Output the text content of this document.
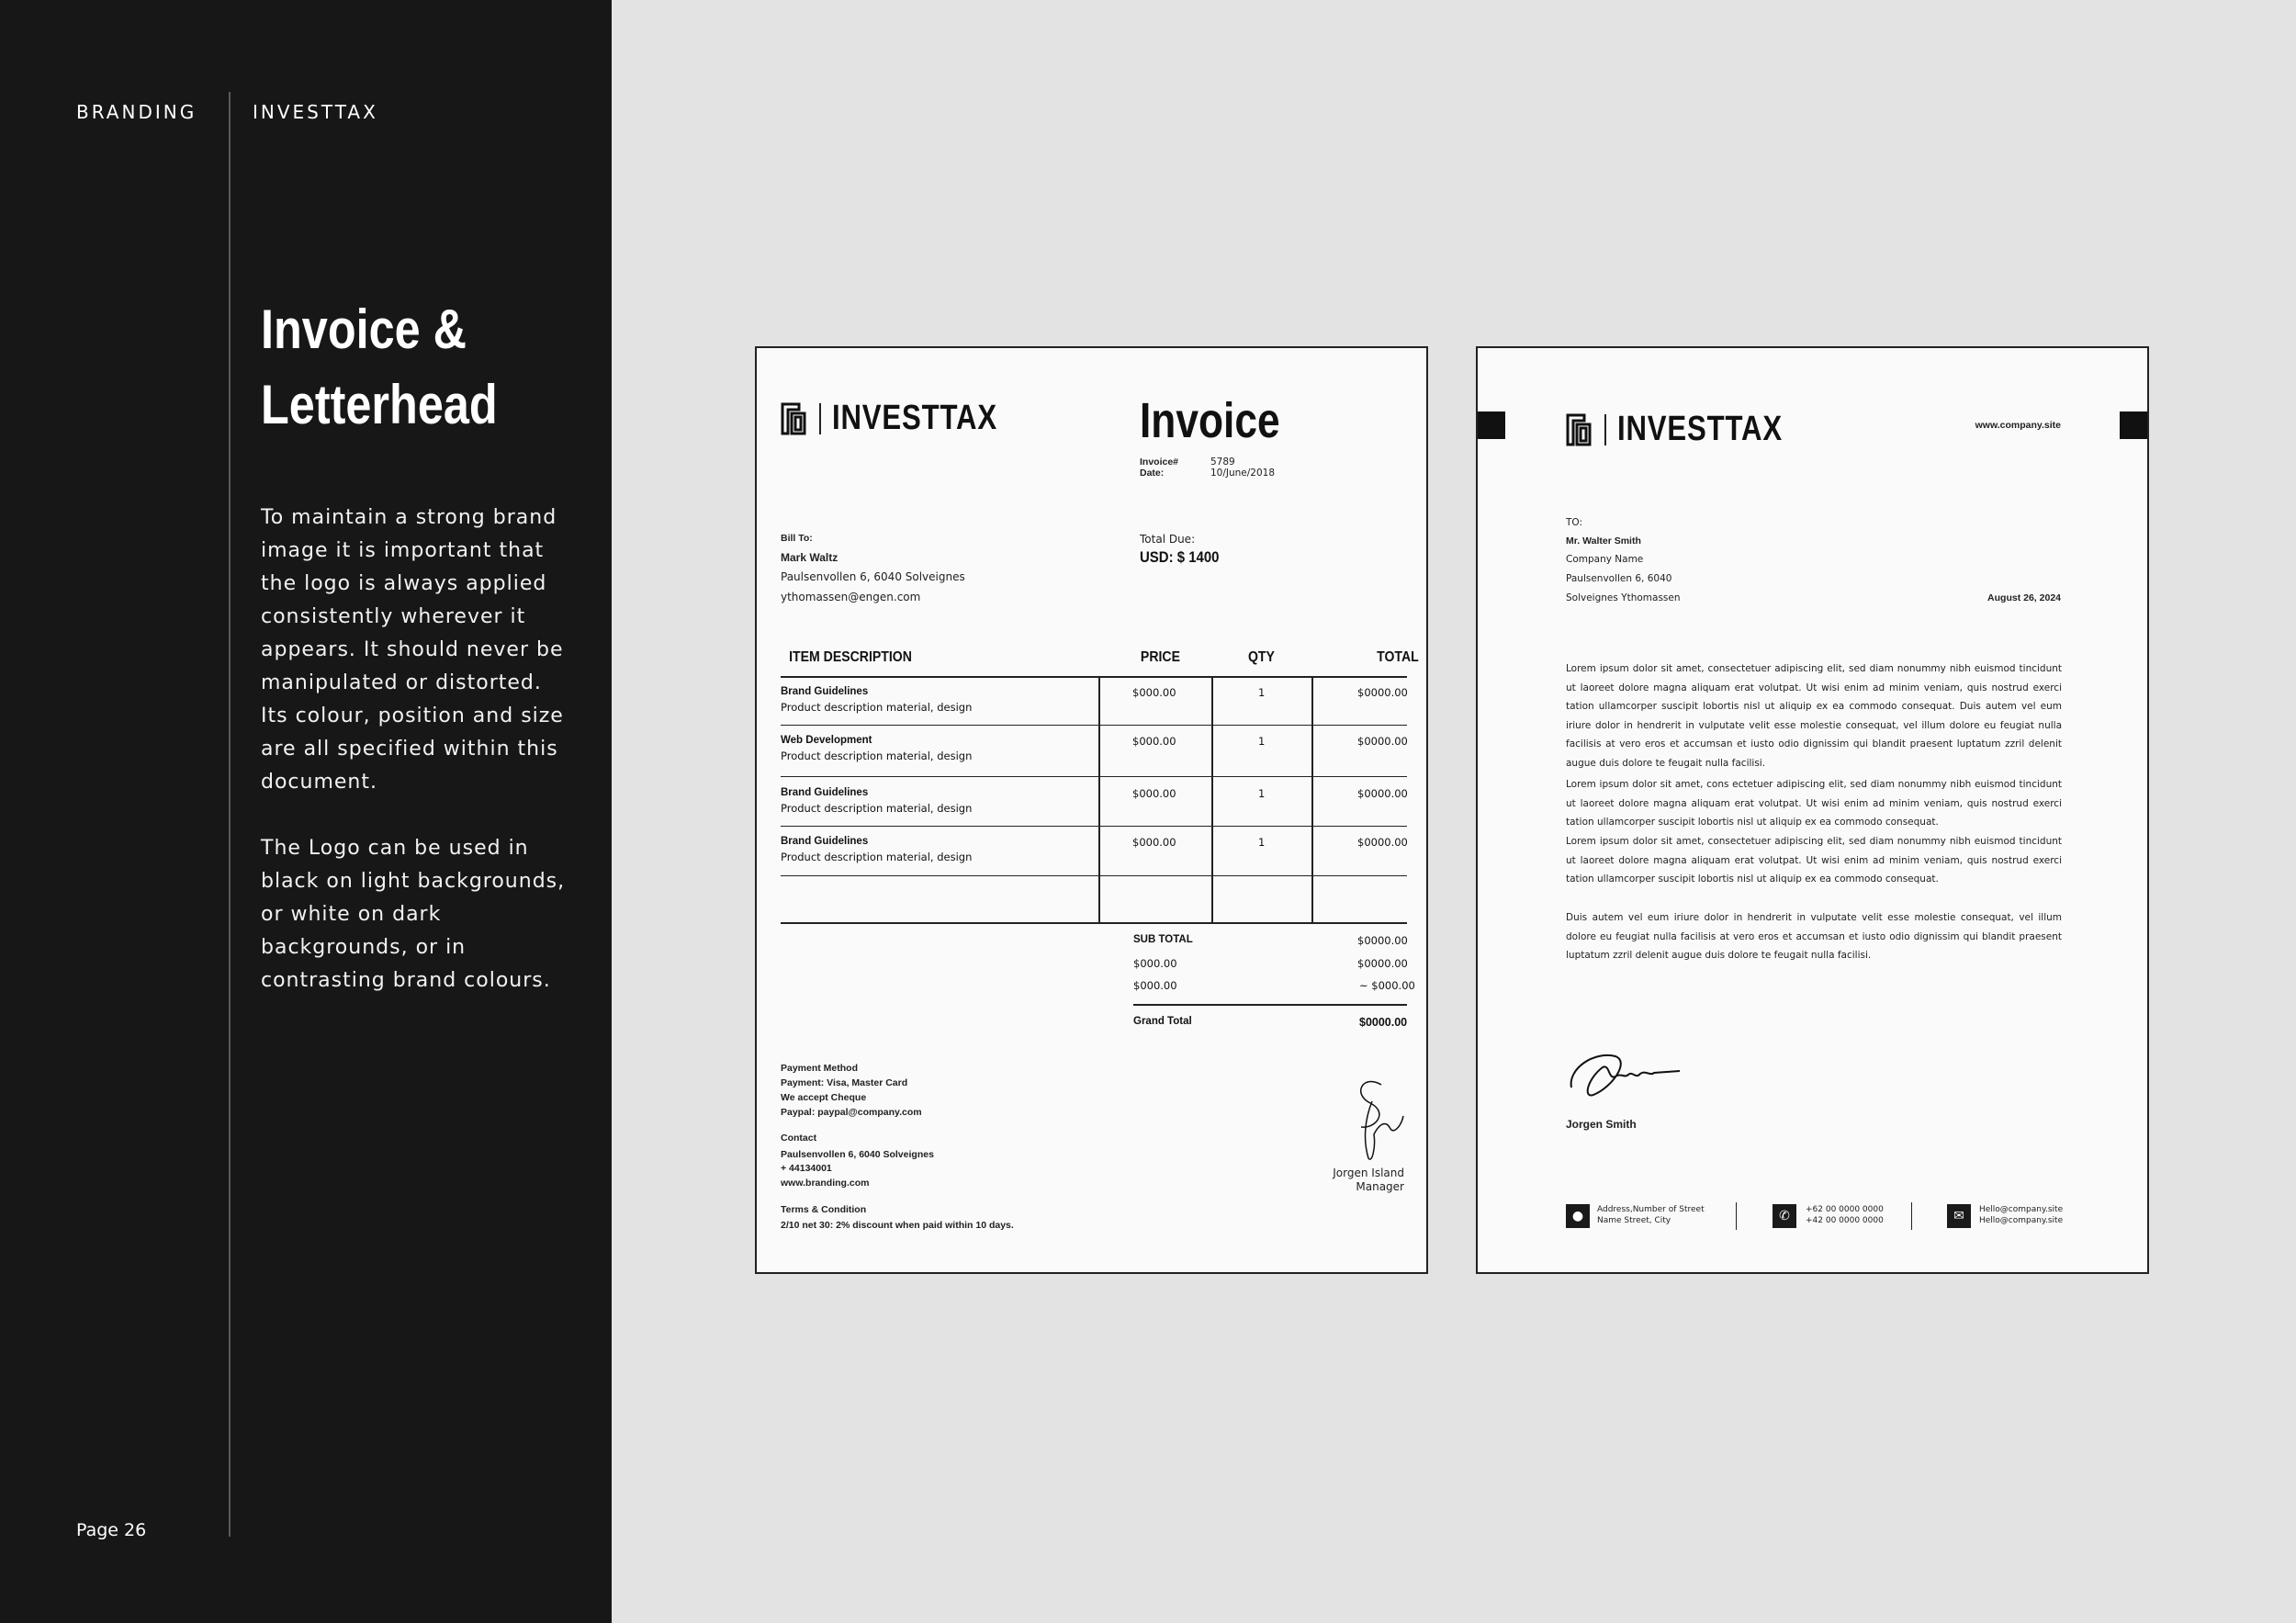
BRANDING	INVESTTAX
Invoice &
Letterhead

To maintain a strong brand image it is important that the logo is always applied consistently wherever it appears. It should never be manipulated or distorted. Its colour, position and size are all specified within this document.

The Logo can be used in black on light backgrounds, or white on dark backgrounds, or in contrasting brand colours.

Page 26
INVESTTAX	Invoice
Invoice#	5789
Date:	10/June/2018
Bill To:
Mark Waltz
Paulsenvollen 6, 6040 Solveignes
ythomassen@engen.com
Total Due:
USD: $ 1400
ITEM DESCRIPTION	PRICE	QTY	TOTAL
Brand Guidelines
Product description material, design
$000.00	1	$0000.00
Web Development
Product description material, design
$000.00	1	$0000.00
Brand Guidelines
Product description material, design
$000.00	1	$0000.00
Brand Guidelines
Product description material, design
$000.00	1	$0000.00
SUB TOTAL	$0000.00
$000.00	$0000.00
$000.00	~ $000.00
Grand Total	$0000.00
Payment Method
Payment: Visa, Master Card
We accept Cheque
Paypal: paypal@company.com
Contact
Paulsenvollen 6, 6040 Solveignes
+ 44134001
www.branding.com
Terms & Condition
2/10 net 30: 2% discount when paid within 10 days.
Jorgen Island
Manager
INVESTTAX	www.company.site
TO:
Mr. Walter Smith
Company Name
Paulsenvollen 6, 6040
Solveignes Ythomassen	August 26, 2024
Lorem ipsum dolor sit amet, consectetuer adipiscing elit, sed diam nonummy nibh euismod tincidunt ut laoreet dolore magna aliquam erat volutpat. Ut wisi enim ad minim veniam, quis nostrud exerci tation ullamcorper suscipit lobortis nisl ut aliquip ex ea commodo consequat. Duis autem vel eum iriure dolor in hendrerit in vulputate velit esse molestie consequat, vel illum dolore eu feugiat nulla facilisis at vero eros et accumsan et iusto odio dignissim qui blandit praesent luptatum zzril delenit augue duis dolore te feugait nulla facilisi.
Lorem ipsum dolor sit amet, cons ectetuer adipiscing elit, sed diam nonummy nibh euismod tincidunt ut laoreet dolore magna aliquam erat volutpat. Ut wisi enim ad minim veniam, quis nostrud exerci tation ullamcorper suscipit lobortis nisl ut aliquip ex ea commodo consequat.
Lorem ipsum dolor sit amet, consectetuer adipiscing elit, sed diam nonummy nibh euismod tincidunt ut laoreet dolore magna aliquam erat volutpat. Ut wisi enim ad minim veniam, quis nostrud exerci tation ullamcorper suscipit lobortis nisl ut aliquip ex ea commodo consequat.
Duis autem vel eum iriure dolor in hendrerit in vulputate velit esse molestie consequat, vel illum dolore eu feugiat nulla facilisis at vero eros et accumsan et iusto odio dignissim qui blandit praesent luptatum zzril delenit augue duis dolore te feugait nulla facilisi.
Jorgen Smith
●	Address,Number of Street
Name Street, City	✆	+62 00 0000 0000
+42 00 0000 0000	✉	Hello@company.site
Hello@company.site
